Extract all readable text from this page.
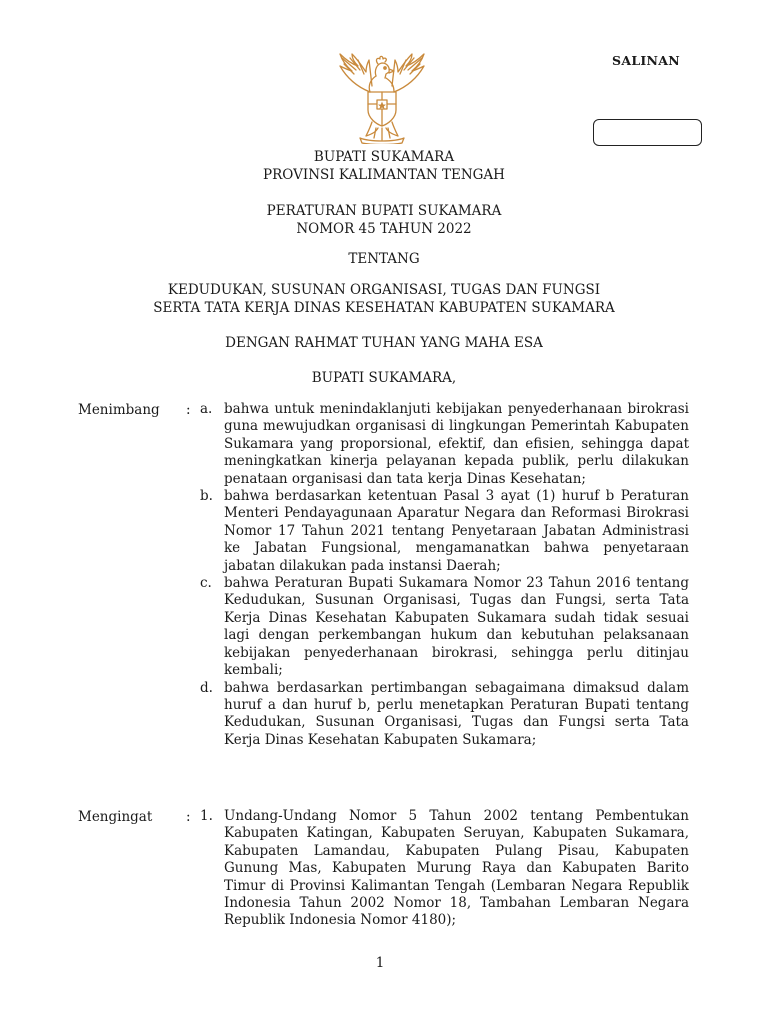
SALINAN
BUPATI SUKAMARA
PROVINSI KALIMANTAN TENGAH
PERATURAN BUPATI SUKAMARA
NOMOR 45 TAHUN 2022
TENTANG
KEDUDUKAN, SUSUNAN ORGANISASI, TUGAS DAN FUNGSI
SERTA TATA KERJA DINAS KESEHATAN KABUPATEN SUKAMARA
DENGAN RAHMAT TUHAN YANG MAHA ESA
BUPATI SUKAMARA,
Menimbang : a. bahwa untuk menindaklanjuti kebijakan penyederhanaan birokrasi guna mewujudkan organisasi di lingkungan Pemerintah Kabupaten Sukamara yang proporsional, efektif, dan efisien, sehingga dapat meningkatkan kinerja pelayanan kepada publik, perlu dilakukan penataan organisasi dan tata kerja Dinas Kesehatan;
b. bahwa berdasarkan ketentuan Pasal 3 ayat (1) huruf b Peraturan Menteri Pendayagunaan Aparatur Negara dan Reformasi Birokrasi Nomor 17 Tahun 2021 tentang Penyetaraan Jabatan Administrasi ke Jabatan Fungsional, mengamanatkan bahwa penyetaraan jabatan dilakukan pada instansi Daerah;
c. bahwa Peraturan Bupati Sukamara Nomor 23 Tahun 2016 tentang Kedudukan, Susunan Organisasi, Tugas dan Fungsi, serta Tata Kerja Dinas Kesehatan Kabupaten Sukamara sudah tidak sesuai lagi dengan perkembangan hukum dan kebutuhan pelaksanaan kebijakan penyederhanaan birokrasi, sehingga perlu ditinjau kembali;
d. bahwa berdasarkan pertimbangan sebagaimana dimaksud dalam huruf a dan huruf b, perlu menetapkan Peraturan Bupati tentang Kedudukan, Susunan Organisasi, Tugas dan Fungsi serta Tata Kerja Dinas Kesehatan Kabupaten Sukamara;
Mengingat : 1. Undang-Undang Nomor 5 Tahun 2002 tentang Pembentukan Kabupaten Katingan, Kabupaten Seruyan, Kabupaten Sukamara, Kabupaten Lamandau, Kabupaten Pulang Pisau, Kabupaten Gunung Mas, Kabupaten Murung Raya dan Kabupaten Barito Timur di Provinsi Kalimantan Tengah (Lembaran Negara Republik Indonesia Tahun 2002 Nomor 18, Tambahan Lembaran Negara Republik Indonesia Nomor 4180);
1
